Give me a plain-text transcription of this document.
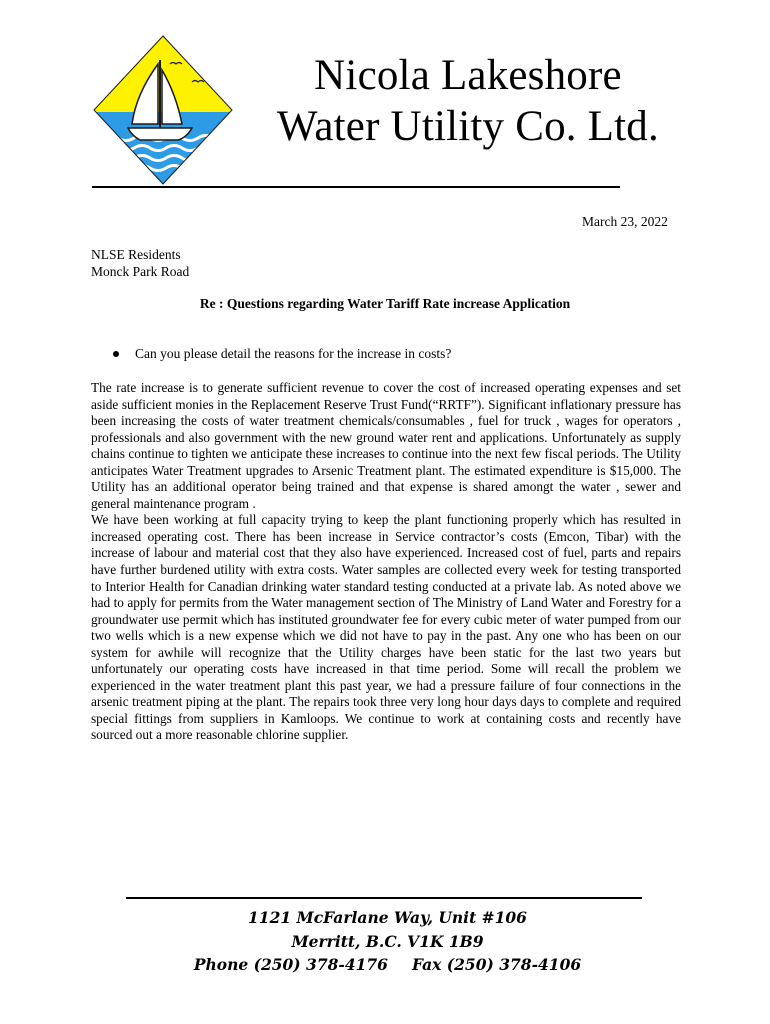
Nicola Lakeshore
Water Utility Co. Ltd.
March 23, 2022
NLSE Residents
Monck Park Road
Re : Questions regarding Water Tariff Rate increase Application
Can you please detail the reasons for the increase in costs?

The rate increase is to generate sufficient revenue to cover the cost of increased operating expenses and set aside sufficient monies in the Replacement Reserve Trust Fund(“RRTF”). Significant inflationary pressure has been increasing the costs of water treatment chemicals/consumables , fuel for truck , wages for operators , professionals and also government with the new ground water rent and applications. Unfortunately as supply chains continue to tighten we anticipate these increases to continue into the next few fiscal periods. The Utility anticipates Water Treatment upgrades to Arsenic Treatment plant. The estimated expenditure is $15,000. The Utility has an additional operator being trained and that expense is shared amongt the water , sewer and general maintenance program .

We have been working at full capacity trying to keep the plant functioning properly which has resulted in increased operating cost. There has been increase in Service contractor’s costs (Emcon, Tibar) with the increase of labour and material cost that they also have experienced. Increased cost of fuel, parts and repairs have further burdened utility with extra costs. Water samples are collected every week for testing transported to Interior Health for Canadian drinking water standard testing conducted at a private lab. As noted above we had to apply for permits from the Water management section of The Ministry of Land Water and Forestry for a groundwater use permit which has instituted groundwater fee for every cubic meter of water pumped from our two wells which is a new expense which we did not have to pay in the past. Any one who has been on our system for awhile will recognize that the Utility charges have been static for the last two years but unfortunately our operating costs have increased in that time period. Some will recall the problem we experienced in the water treatment plant this past year, we had a pressure failure of four connections in the arsenic treatment piping at the plant. The repairs took three very long hour days days to complete and required special fittings from suppliers in Kamloops. We continue to work at containing costs and recently have sourced out a more reasonable chlorine supplier.

1121 McFarlane Way, Unit #106
Merritt, B.C. V1K 1B9
Phone (250) 378-4176 Fax (250) 378-4106
